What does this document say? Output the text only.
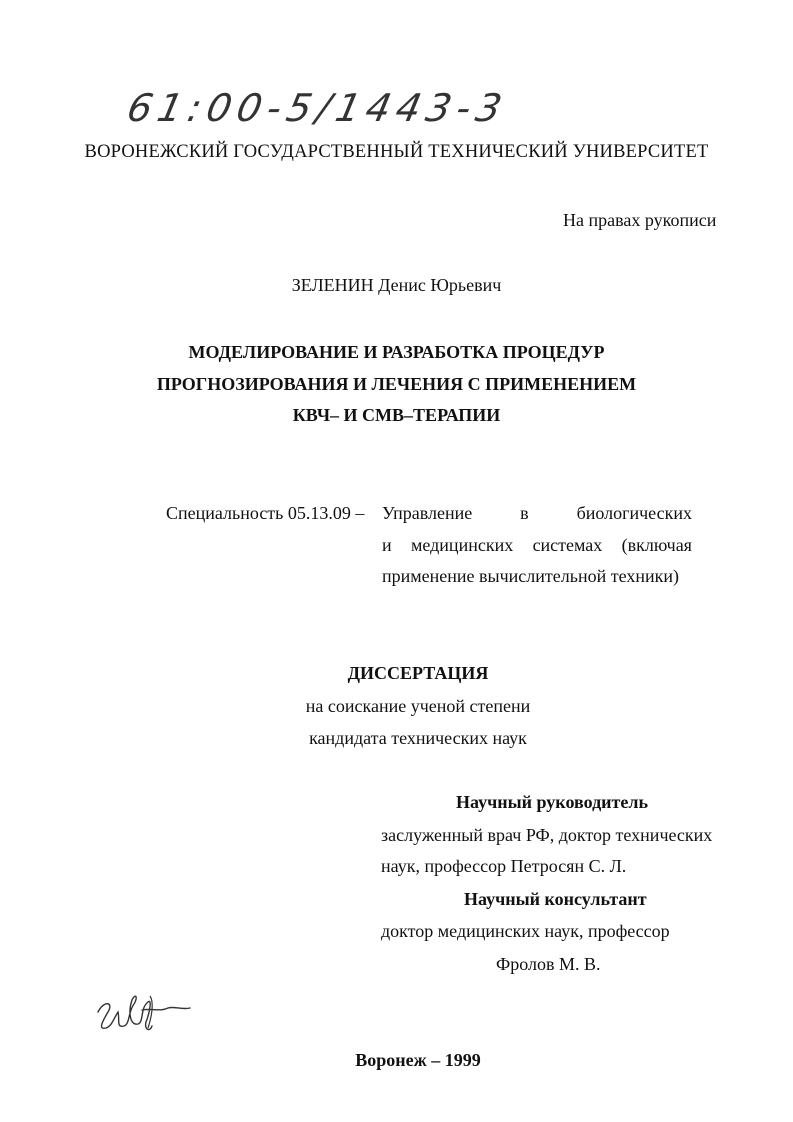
61:00-5/1443-3
ВОРОНЕЖСКИЙ ГОСУДАРСТВЕННЫЙ ТЕХНИЧЕСКИЙ УНИВЕРСИТЕТ
На правах рукописи
ЗЕЛЕНИН Денис Юрьевич
МОДЕЛИРОВАНИЕ И РАЗРАБОТКА ПРОЦЕДУР
ПРОГНОЗИРОВАНИЯ И ЛЕЧЕНИЯ С ПРИМЕНЕНИЕМ
КВЧ– И СМВ–ТЕРАПИИ
Специальность 05.13.09 – Управление	в	биологических
и медицинских системах (включая
применение вычислительной техники)
ДИССЕРТАЦИЯ
на соискание ученой степени
кандидата технических наук
Научный руководитель
заслуженный врач РФ, доктор технических
наук, профессор Петросян С. Л.
Научный консультант
доктор медицинских наук, профессор
Фролов М. В.
Воронеж – 1999
